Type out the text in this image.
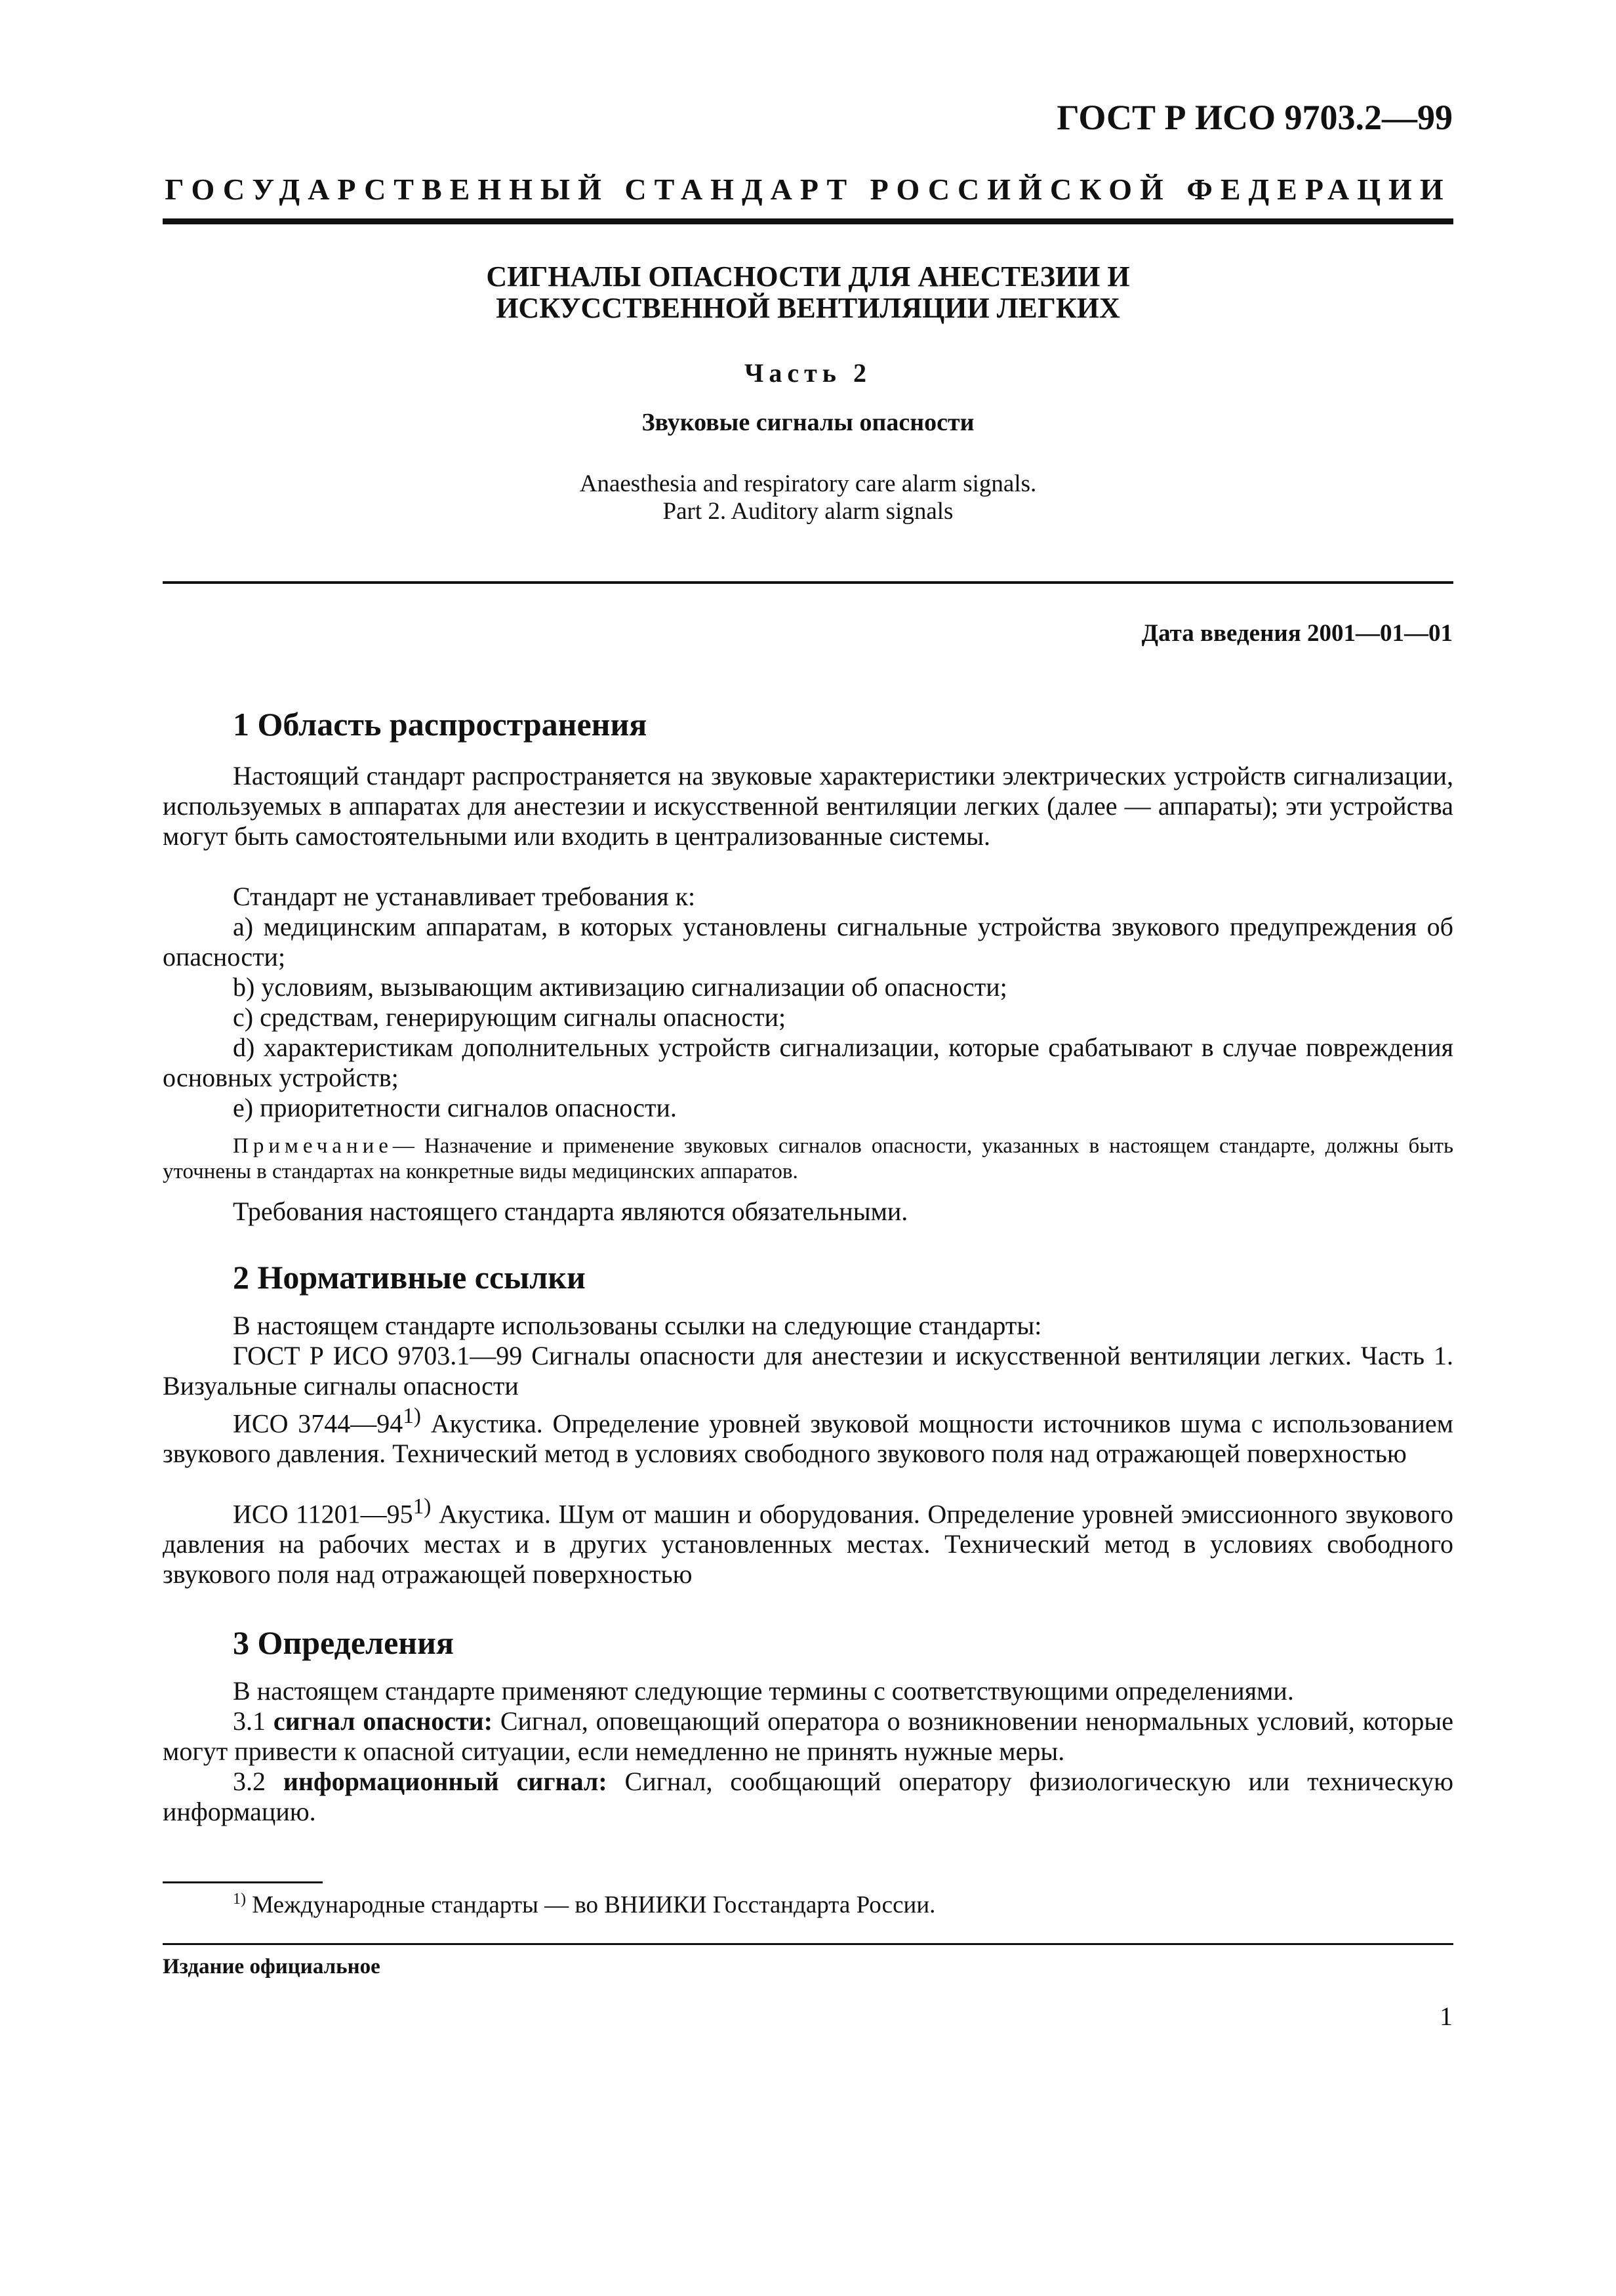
ГОСТ Р ИСО 9703.2—99
ГОСУДАРСТВЕННЫЙ СТАНДАРТ РОССИЙСКОЙ ФЕДЕРАЦИИ
СИГНАЛЫ ОПАСНОСТИ ДЛЯ АНЕСТЕЗИИ И
ИСКУССТВЕННОЙ ВЕНТИЛЯЦИИ ЛЕГКИХ
Часть 2
Звуковые сигналы опасности
Anaesthesia and respiratory care alarm signals.
Part 2. Auditory alarm signals
Дата введения 2001—01—01
1 Область распространения
Настоящий стандарт распространяется на звуковые характеристики электрических устройств сигнализации, используемых в аппаратах для анестезии и искусственной вентиляции легких (далее — аппараты); эти устройства могут быть самостоятельными или входить в централизованные системы.
Стандарт не устанавливает требования к:
а) медицинским аппаратам, в которых установлены сигнальные устройства звукового предупреждения об опасности;
b) условиям, вызывающим активизацию сигнализации об опасности;
с) средствам, генерирующим сигналы опасности;
d) характеристикам дополнительных устройств сигнализации, которые срабатывают в случае повреждения основных устройств;
е) приоритетности сигналов опасности.
Примечание— Назначение и применение звуковых сигналов опасности, указанных в настоящем стандарте, должны быть уточнены в стандартах на конкретные виды медицинских аппаратов.
Требования настоящего стандарта являются обязательными.
2 Нормативные ссылки
В настоящем стандарте использованы ссылки на следующие стандарты:
ГОСТ Р ИСО 9703.1—99 Сигналы опасности для анестезии и искусственной вентиляции легких. Часть 1. Визуальные сигналы опасности
ИСО 3744—94$^{1)}$ Акустика. Определение уровней звуковой мощности источников шума с использованием звукового давления. Технический метод в условиях свободного звукового поля над отражающей поверхностью
ИСО 11201—95$^{1)}$ Акустика. Шум от машин и оборудования. Определение уровней эмиссионного звукового давления на рабочих местах и в других установленных местах. Технический метод в условиях свободного звукового поля над отражающей поверхностью
3 Определения
В настоящем стандарте применяют следующие термины с соответствующими определениями.
3.1 сигнал опасности: Сигнал, оповещающий оператора о возникновении ненормальных условий, которые могут привести к опасной ситуации, если немедленно не принять нужные меры.
3.2 информационный сигнал: Сигнал, сообщающий оператору физиологическую или техническую информацию.
$^{1)}$ Международные стандарты — во ВНИИКИ Госстандарта России.
Издание официальное
1
